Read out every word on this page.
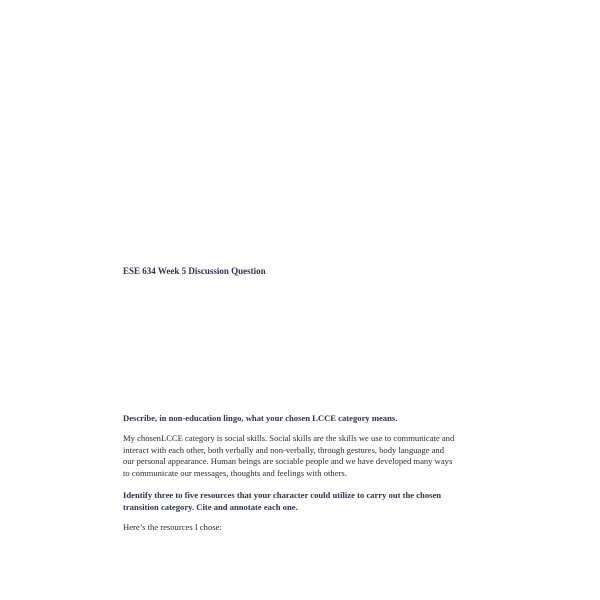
ESE 634 Week 5 Discussion Question
Describe, in non-education lingo, what your chosen LCCE category means.
My chosenLCCE category is social skills. Social skills are the skills we use to communicate and
interact with each other, both verbally and non-verbally, through gestures, body language and
our personal appearance. Human beings are sociable people and we have developed many ways
to communicate our messages, thoughts and feelings with others.
Identify three to five resources that your character could utilize to carry out the chosen
transition category. Cite and annotate each one.
Here’s the resources I chose:
